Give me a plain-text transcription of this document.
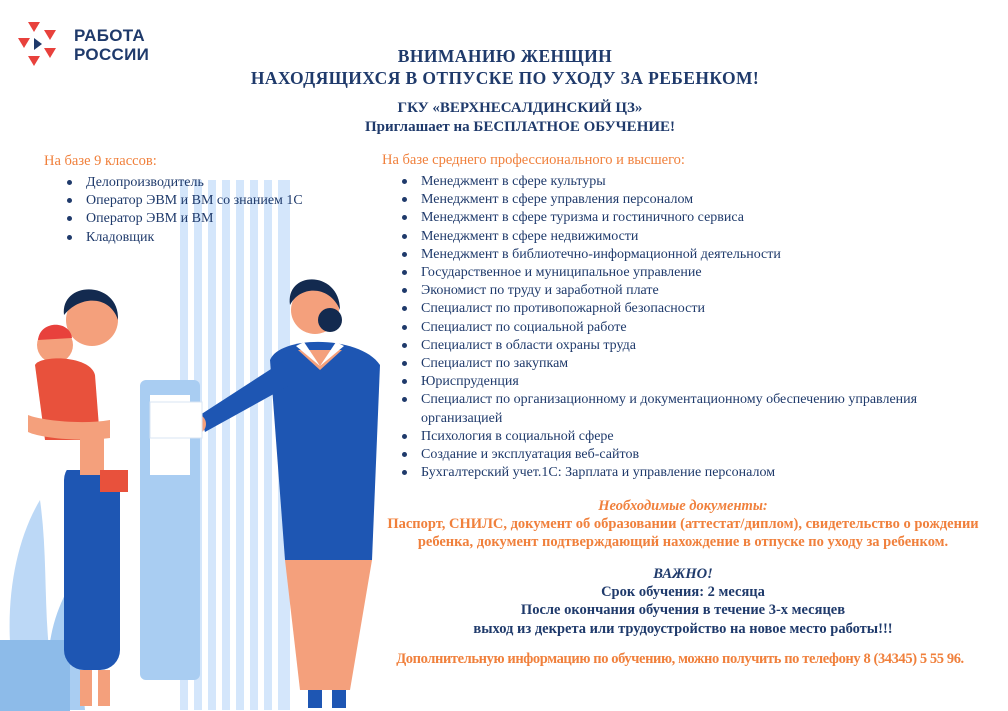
РАБОТА
РОССИИ	ВНИМАНИЮ ЖЕНЩИН
НАХОДЯЩИХСЯ В ОТПУСКЕ ПО УХОДУ ЗА РЕБЕНКОМ!
ГКУ «ВЕРХНЕСАЛДИНСКИЙ ЦЗ»
Приглашает на БЕСПЛАТНОЕ ОБУЧЕНИЕ!
На базе 9 классов:
Делопроизводитель
Оператор ЭВМ и ВМ со знанием 1С
Оператор ЭВМ и ВМ
Кладовщик
На базе среднего профессионального и высшего:
Менеджмент в сфере культуры
Менеджмент в сфере управления персоналом
Менеджмент в сфере туризма и гостиничного сервиса
Менеджмент в сфере недвижимости
Менеджмент в библиотечно-информационной деятельности
Государственное и муниципальное управление
Экономист по труду и заработной плате
Специалист по противопожарной безопасности
Специалист по социальной работе
Специалист в области охраны труда
Специалист по закупкам
Юриспруденция
Специалист по организационному и документационному обеспечению управления организацией
Психология в социальной сфере
Создание и эксплуатация веб-сайтов
Бухгалтерский учет.1С: Зарплата и управление персоналом
Необходимые документы:
Паспорт, СНИЛС, документ об образовании (аттестат/диплом), свидетельство о рождении ребенка, документ подтверждающий нахождение в отпуске по уходу за ребенком.
ВАЖНО!
Срок обучения: 2 месяца
После окончания обучения в течение 3-х месяцев
выход из декрета или трудоустройство на новое место работы!!!
Дополнительную информацию по обучению, можно получить по телефону 8 (34345) 5 55 96.
